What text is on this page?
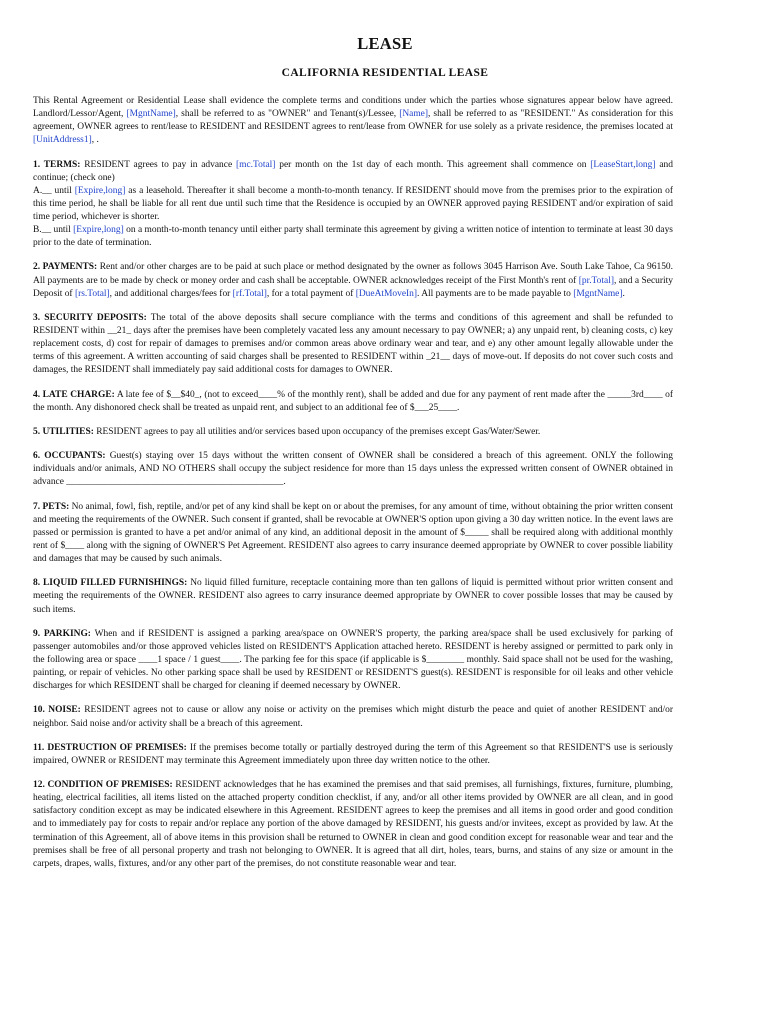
LEASE
CALIFORNIA RESIDENTIAL LEASE

This Rental Agreement or Residential Lease shall evidence the complete terms and conditions under which the parties whose signatures appear below have agreed. Landlord/Lessor/Agent, [MgntName], shall be referred to as "OWNER" and Tenant(s)/Lessee, [Name], shall be referred to as "RESIDENT." As consideration for this agreement, OWNER agrees to rent/lease to RESIDENT and RESIDENT agrees to rent/lease from OWNER for use solely as a private residence, the premises located at [UnitAddress1], .

1. TERMS: RESIDENT agrees to pay in advance [mc.Total] per month on the 1st day of each month. This agreement shall commence on [LeaseStart,long] and continue; (check one)
A.__ until [Expire,long] as a leasehold. Thereafter it shall become a month-to-month tenancy. If RESIDENT should move from the premises prior to the expiration of this time period, he shall be liable for all rent due until such time that the Residence is occupied by an OWNER approved paying RESIDENT and/or expiration of said time period, whichever is shorter.
B.__ until [Expire,long] on a month-to-month tenancy until either party shall terminate this agreement by giving a written notice of intention to terminate at least 30 days prior to the date of termination.

2. PAYMENTS: Rent and/or other charges are to be paid at such place or method designated by the owner as follows 3045 Harrison Ave. South Lake Tahoe, Ca 96150. All payments are to be made by check or money order and cash shall be acceptable. OWNER acknowledges receipt of the First Month's rent of [pr.Total], and a Security Deposit of [rs.Total], and additional charges/fees for [rf.Total], for a total payment of [DueAtMoveIn]. All payments are to be made payable to [MgntName].

3. SECURITY DEPOSITS: The total of the above deposits shall secure compliance with the terms and conditions of this agreement and shall be refunded to RESIDENT within __21_ days after the premises have been completely vacated less any amount necessary to pay OWNER; a) any unpaid rent, b) cleaning costs, c) key replacement costs, d) cost for repair of damages to premises and/or common areas above ordinary wear and tear, and e) any other amount legally allowable under the terms of this agreement. A written accounting of said charges shall be presented to RESIDENT within _21__ days of move-out. If deposits do not cover such costs and damages, the RESIDENT shall immediately pay said additional costs for damages to OWNER.

4. LATE CHARGE: A late fee of $__$40_, (not to exceed____% of the monthly rent), shall be added and due for any payment of rent made after the _____3rd____ of the month. Any dishonored check shall be treated as unpaid rent, and subject to an additional fee of $___25____.

5. UTILITIES: RESIDENT agrees to pay all utilities and/or services based upon occupancy of the premises except Gas/Water/Sewer.

6. OCCUPANTS: Guest(s) staying over 15 days without the written consent of OWNER shall be considered a breach of this agreement. ONLY the following individuals and/or animals, AND NO OTHERS shall occupy the subject residence for more than 15 days unless the expressed written consent of OWNER obtained in advance ______________________________________________.

7. PETS: No animal, fowl, fish, reptile, and/or pet of any kind shall be kept on or about the premises, for any amount of time, without obtaining the prior written consent and meeting the requirements of the OWNER. Such consent if granted, shall be revocable at OWNER'S option upon giving a 30 day written notice. In the event laws are passed or permission is granted to have a pet and/or animal of any kind, an additional deposit in the amount of $_____ shall be required along with additional monthly rent of $____ along with the signing of OWNER'S Pet Agreement. RESIDENT also agrees to carry insurance deemed appropriate by OWNER to cover possible liability and damages that may be caused by such animals.

8. LIQUID FILLED FURNISHINGS: No liquid filled furniture, receptacle containing more than ten gallons of liquid is permitted without prior written consent and meeting the requirements of the OWNER. RESIDENT also agrees to carry insurance deemed appropriate by OWNER to cover possible losses that may be caused by such items.

9. PARKING: When and if RESIDENT is assigned a parking area/space on OWNER'S property, the parking area/space shall be used exclusively for parking of passenger automobiles and/or those approved vehicles listed on RESIDENT'S Application attached hereto. RESIDENT is hereby assigned or permitted to park only in the following area or space ____1 space / 1 guest____. The parking fee for this space (if applicable is $________ monthly. Said space shall not be used for the washing, painting, or repair of vehicles. No other parking space shall be used by RESIDENT or RESIDENT'S guest(s). RESIDENT is responsible for oil leaks and other vehicle discharges for which RESIDENT shall be charged for cleaning if deemed necessary by OWNER.

10. NOISE: RESIDENT agrees not to cause or allow any noise or activity on the premises which might disturb the peace and quiet of another RESIDENT and/or neighbor. Said noise and/or activity shall be a breach of this agreement.

11. DESTRUCTION OF PREMISES: If the premises become totally or partially destroyed during the term of this Agreement so that RESIDENT'S use is seriously impaired, OWNER or RESIDENT may terminate this Agreement immediately upon three day written notice to the other.

12. CONDITION OF PREMISES: RESIDENT acknowledges that he has examined the premises and that said premises, all furnishings, fixtures, furniture, plumbing, heating, electrical facilities, all items listed on the attached property condition checklist, if any, and/or all other items provided by OWNER are all clean, and in good satisfactory condition except as may be indicated elsewhere in this Agreement. RESIDENT agrees to keep the premises and all items in good order and good condition and to immediately pay for costs to repair and/or replace any portion of the above damaged by RESIDENT, his guests and/or invitees, except as provided by law. At the termination of this Agreement, all of above items in this provision shall be returned to OWNER in clean and good condition except for reasonable wear and tear and the premises shall be free of all personal property and trash not belonging to OWNER. It is agreed that all dirt, holes, tears, burns, and stains of any size or amount in the carpets, drapes, walls, fixtures, and/or any other part of the premises, do not constitute reasonable wear and tear.
